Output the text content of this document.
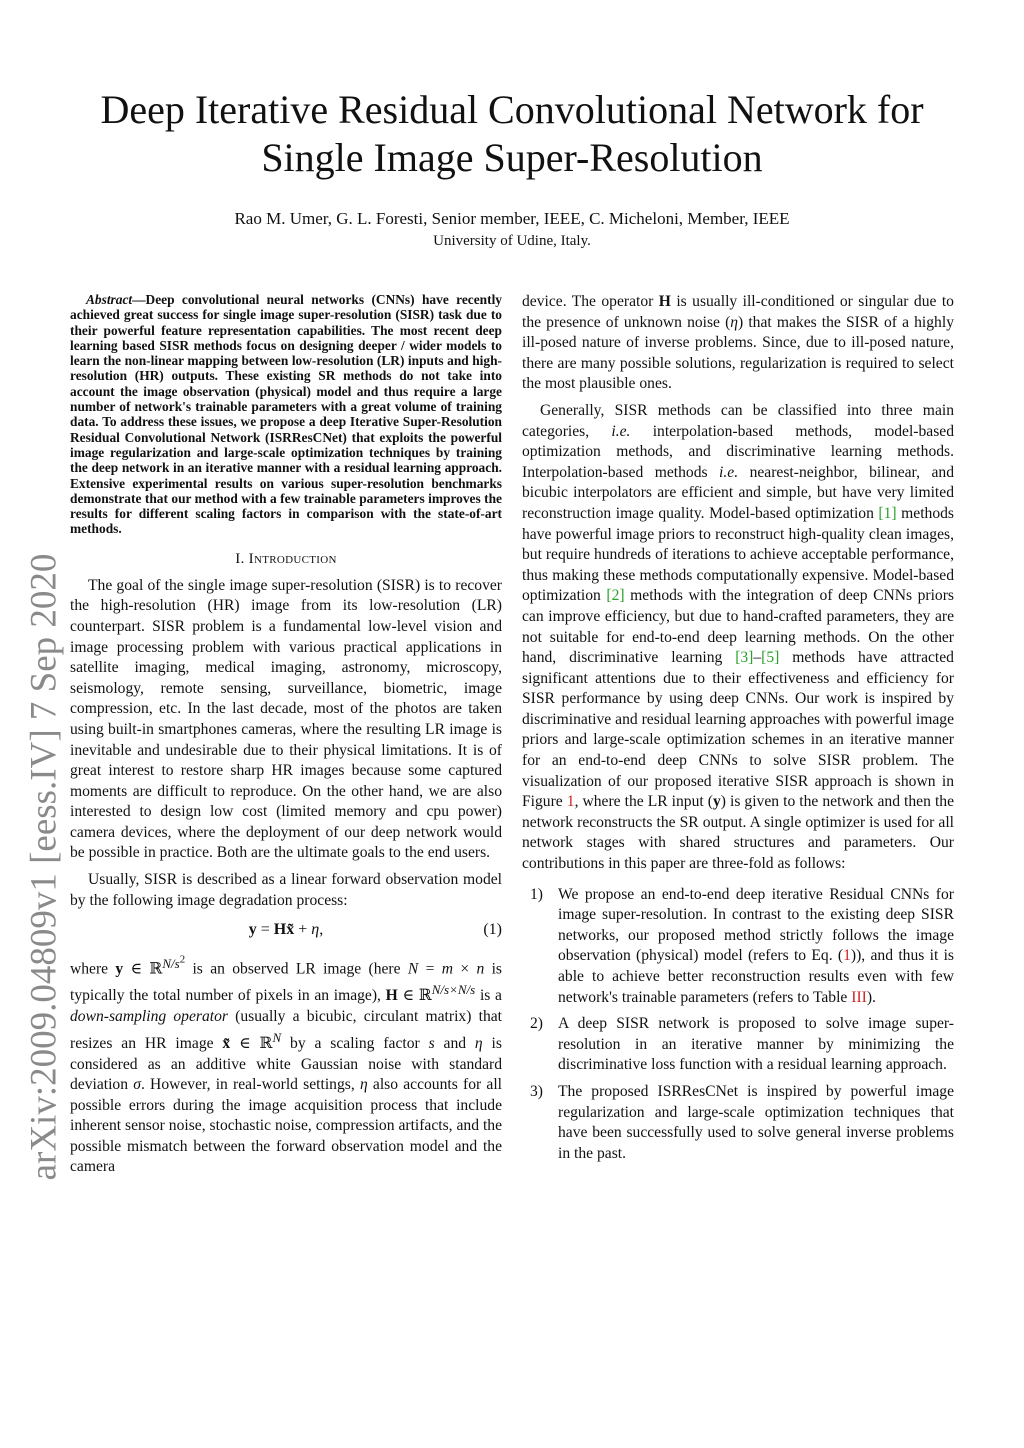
Deep Iterative Residual Convolutional Network for Single Image Super-Resolution
Rao M. Umer, G. L. Foresti, Senior member, IEEE, C. Micheloni, Member, IEEE
University of Udine, Italy.
arXiv:2009.04809v1 [eess.IV] 7 Sep 2020

Abstract—Deep convolutional neural networks (CNNs) have recently achieved great success for single image super-resolution (SISR) task due to their powerful feature representation capabilities. The most recent deep learning based SISR methods focus on designing deeper / wider models to learn the non-linear mapping between low-resolution (LR) inputs and high-resolution (HR) outputs. These existing SR methods do not take into account the image observation (physical) model and thus require a large number of network's trainable parameters with a great volume of training data. To address these issues, we propose a deep Iterative Super-Resolution Residual Convolutional Network (ISRResCNet) that exploits the powerful image regularization and large-scale optimization techniques by training the deep network in an iterative manner with a residual learning approach. Extensive experimental results on various super-resolution benchmarks demonstrate that our method with a few trainable parameters improves the results for different scaling factors in comparison with the state-of-art methods.

I. Introduction

The goal of the single image super-resolution (SISR) is to recover the high-resolution (HR) image from its low-resolution (LR) counterpart. SISR problem is a fundamental low-level vision and image processing problem with various practical applications in satellite imaging, medical imaging, astronomy, microscopy, seismology, remote sensing, surveillance, biometric, image compression, etc. In the last decade, most of the photos are taken using built-in smartphones cameras, where the resulting LR image is inevitable and undesirable due to their physical limitations. It is of great interest to restore sharp HR images because some captured moments are difficult to reproduce. On the other hand, we are also interested to design low cost (limited memory and cpu power) camera devices, where the deployment of our deep network would be possible in practice. Both are the ultimate goals to the end users.

Usually, SISR is described as a linear forward observation model by the following image degradation process:

y = Hx̃ + η,	(1)

where y ∈ ℝ$^{N/s^2}$ is an observed LR image (here N = m × n is typically the total number of pixels in an image), H ∈ ℝ$^{N/s\times N/s}$ is a down-sampling operator (usually a bicubic, circulant matrix) that resizes an HR image x̃ ∈ ℝ$^N$ by a scaling factor s and η is considered as an additive white Gaussian noise with standard deviation σ. However, in real-world settings, η also accounts for all possible errors during the image acquisition process that include inherent sensor noise, stochastic noise, compression artifacts, and the possible mismatch between the forward observation model and the camera

device. The operator H is usually ill-conditioned or singular due to the presence of unknown noise (η) that makes the SISR of a highly ill-posed nature of inverse problems. Since, due to ill-posed nature, there are many possible solutions, regularization is required to select the most plausible ones.

Generally, SISR methods can be classified into three main categories, i.e. interpolation-based methods, model-based optimization methods, and discriminative learning methods. Interpolation-based methods i.e. nearest-neighbor, bilinear, and bicubic interpolators are efficient and simple, but have very limited reconstruction image quality. Model-based optimization [1] methods have powerful image priors to reconstruct high-quality clean images, but require hundreds of iterations to achieve acceptable performance, thus making these methods computationally expensive. Model-based optimization [2] methods with the integration of deep CNNs priors can improve efficiency, but due to hand-crafted parameters, they are not suitable for end-to-end deep learning methods. On the other hand, discriminative learning [3]–[5] methods have attracted significant attentions due to their effectiveness and efficiency for SISR performance by using deep CNNs. Our work is inspired by discriminative and residual learning approaches with powerful image priors and large-scale optimization schemes in an iterative manner for an end-to-end deep CNNs to solve SISR problem. The visualization of our proposed iterative SISR approach is shown in Figure 1, where the LR input (y) is given to the network and then the network reconstructs the SR output. A single optimizer is used for all network stages with shared structures and parameters. Our contributions in this paper are three-fold as follows:

1) We propose an end-to-end deep iterative Residual CNNs for image super-resolution. In contrast to the existing deep SISR networks, our proposed method strictly follows the image observation (physical) model (refers to Eq. (1)), and thus it is able to achieve better reconstruction results even with few network's trainable parameters (refers to Table III).
2) A deep SISR network is proposed to solve image super-resolution in an iterative manner by minimizing the discriminative loss function with a residual learning approach.
3) The proposed ISRResCNet is inspired by powerful image regularization and large-scale optimization techniques that have been successfully used to solve general inverse problems in the past.
